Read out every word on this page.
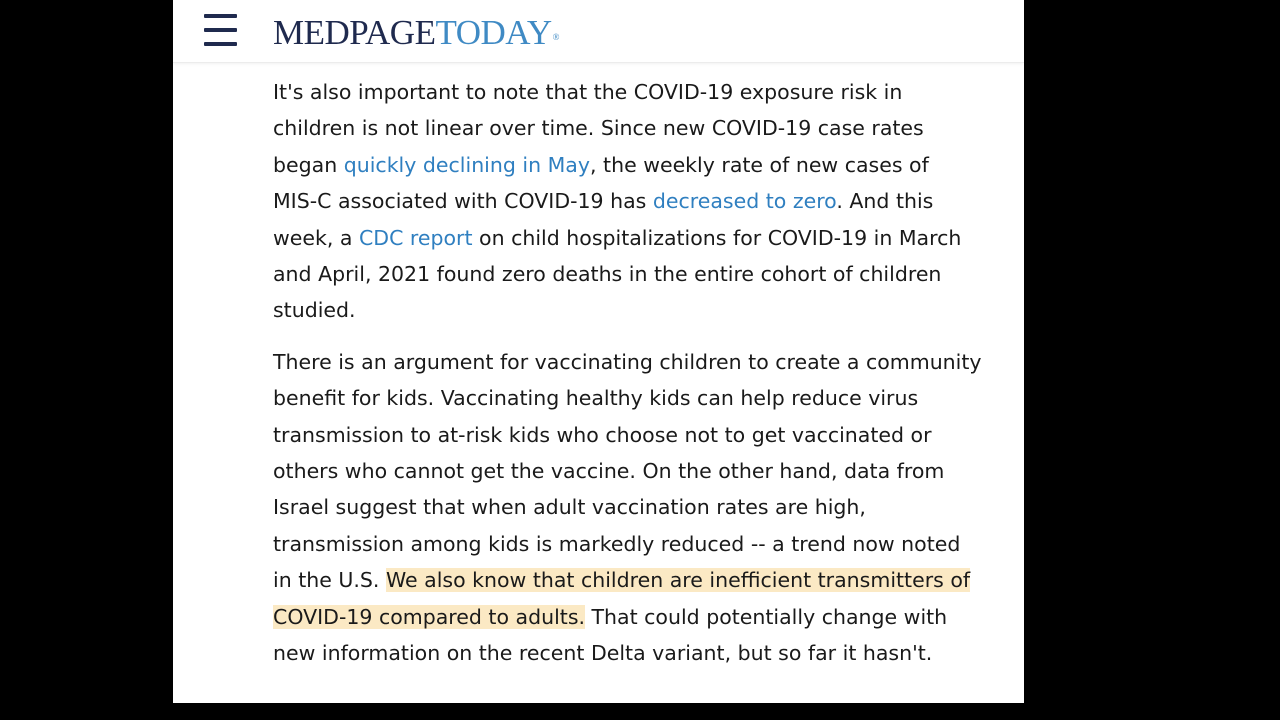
MEDPAGETODAY®

It's also important to note that the COVID-19 exposure risk in
children is not linear over time. Since new COVID-19 case rates
began quickly declining in May, the weekly rate of new cases of
MIS-C associated with COVID-19 has decreased to zero. And this
week, a CDC report on child hospitalizations for COVID-19 in March
and April, 2021 found zero deaths in the entire cohort of children
studied.

There is an argument for vaccinating children to create a community
benefit for kids. Vaccinating healthy kids can help reduce virus
transmission to at-risk kids who choose not to get vaccinated or
others who cannot get the vaccine. On the other hand, data from
Israel suggest that when adult vaccination rates are high,
transmission among kids is markedly reduced -- a trend now noted
in the U.S. We also know that children are inefficient transmitters of
COVID-19 compared to adults. That could potentially change with
new information on the recent Delta variant, but so far it hasn't.
